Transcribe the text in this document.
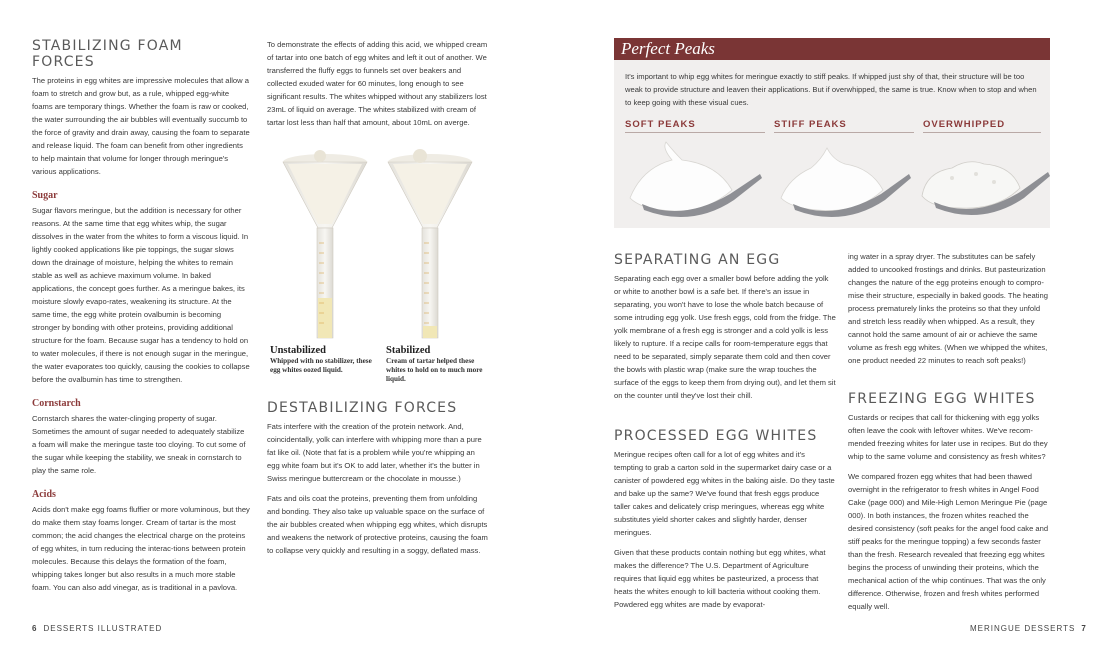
STABILIZING FOAM FORCES

The proteins in egg whites are impressive molecules that allow a foam to stretch and grow but, as a rule, whipped egg-white foams are temporary things. Whether the foam is raw or cooked, the water surrounding the air bubbles will eventually succumb to the force of gravity and drain away, causing the foam to separate and release liquid. The foam can benefit from other ingredients to help maintain that volume for longer through meringue's various applications.

Sugar

Sugar flavors meringue, but the addition is necessary for other reasons. At the same time that egg whites whip, the sugar dissolves in the water from the whites to form a viscous liquid. In lightly cooked applications like pie toppings, the sugar slows down the drainage of moisture, helping the whites to remain stable as well as achieve maximum volume. In baked applications, the concept goes further. As a meringue bakes, its moisture slowly evapo-rates, weakening its structure. At the same time, the egg white protein ovalbumin is becoming stronger by bonding with other proteins, providing additional structure for the foam. Because sugar has a tendency to hold on to water molecules, if there is not enough sugar in the meringue, the water evaporates too quickly, causing the cookies to collapse before the ovalbumin has time to strengthen.

Cornstarch

Cornstarch shares the water-clinging property of sugar. Sometimes the amount of sugar needed to adequately stabilize a foam will make the meringue taste too cloying. To cut some of the sugar while keeping the stability, we sneak in cornstarch to play the same role.

Acids

Acids don't make egg foams fluffier or more voluminous, but they do make them stay foams longer. Cream of tartar is the most common; the acid changes the electrical charge on the proteins of egg whites, in turn reducing the interac-tions between protein molecules. Because this delays the formation of the foam, whipping takes longer but also results in a much more stable foam. You can also add vinegar, as is traditional in a pavlova.

To demonstrate the effects of adding this acid, we whipped cream of tartar into one batch of egg whites and left it out of another. We transferred the fluffy eggs to funnels set over beakers and collected exuded water for 60 minutes, long enough to see significant results. The whites whipped without any stabilizers lost 23mL of liquid on average. The whites stabilized with cream of tartar lost less than half that amount, about 10mL on averge.

Unstabilized
Whipped with no stabilizer, these egg whites oozed liquid.
Stabilized
Cream of tartar helped these whites to hold on to much more liquid.
DESTABILIZING FORCES

Fats interfere with the creation of the protein network. And, coincidentally, yolk can interfere with whipping more than a pure fat like oil. (Note that fat is a problem while you're whipping an egg white foam but it's OK to add later, whether it's the butter in Swiss meringue buttercream or the chocolate in mousse.)

Fats and oils coat the proteins, preventing them from unfolding and bonding. They also take up valuable space on the surface of the air bubbles created when whipping egg whites, which disrupts and weakens the network of protective proteins, causing the foam to collapse very quickly and resulting in a soggy, deflated mass.

Perfect Peaks
It's important to whip egg whites for meringue exactly to stiff peaks. If whipped just shy of that, their structure will be too weak to provide structure and leaven their applications. But if overwhipped, the same is true. Know when to stop and when to keep going with these visual cues.
SOFT PEAKS	STIFF PEAKS	OVERWHIPPED
SEPARATING AN EGG

Separating each egg over a smaller bowl before adding the yolk or white to another bowl is a safe bet. If there's an issue in separating, you won't have to lose the whole batch because of some intruding egg yolk. Use fresh eggs, cold from the fridge. The yolk membrane of a fresh egg is stronger and a cold yolk is less likely to rupture. If a recipe calls for room-temperature eggs that need to be separated, simply separate them cold and then cover the bowls with plastic wrap (make sure the wrap touches the surface of the eggs to keep them from drying out), and let them sit on the counter until they've lost their chill.

PROCESSED EGG WHITES

Meringue recipes often call for a lot of egg whites and it's tempting to grab a carton sold in the supermarket dairy case or a canister of powdered egg whites in the baking aisle. Do they taste and bake up the same? We've found that fresh eggs produce taller cakes and delicately crisp meringues, whereas egg white substitutes yield shorter cakes and slightly harder, denser meringues.

Given that these products contain nothing but egg whites, what makes the difference? The U.S. Department of Agriculture requires that liquid egg whites be pasteurized, a process that heats the whites enough to kill bacteria without cooking them. Powdered egg whites are made by evaporat-

ing water in a spray dryer. The substitutes can be safely added to uncooked frostings and drinks. But pasteurization changes the nature of the egg proteins enough to compro-mise their structure, especially in baked goods. The heating process prematurely links the proteins so that they unfold and stretch less readily when whipped. As a result, they cannot hold the same amount of air or achieve the same volume as fresh egg whites. (When we whipped the whites, one product needed 22 minutes to reach soft peaks!)

FREEZING EGG WHITES

Custards or recipes that call for thickening with egg yolks often leave the cook with leftover whites. We've recom-mended freezing whites for later use in recipes. But do they whip to the same volume and consistency as fresh whites?

We compared frozen egg whites that had been thawed overnight in the refrigerator to fresh whites in Angel Food Cake (page 000) and Mile-High Lemon Meringue Pie (page 000). In both instances, the frozen whites reached the desired consistency (soft peaks for the angel food cake and stiff peaks for the meringue topping) a few seconds faster than the fresh. Research revealed that freezing egg whites begins the process of unwinding their proteins, which the mechanical action of the whip continues. That was the only difference. Otherwise, frozen and fresh whites performed equally well.

6 DESSERTS ILLUSTRATED	MERINGUE DESSERTS 7
